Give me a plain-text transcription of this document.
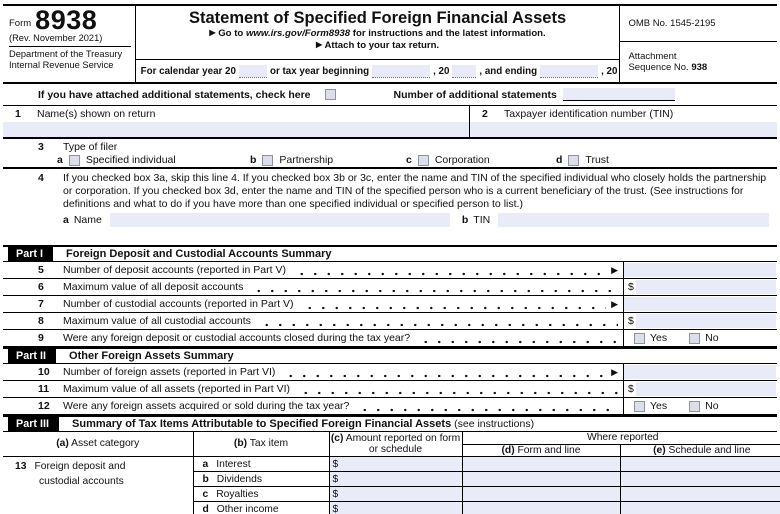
Form 8938
(Rev. November 2021)
Department of the Treasury
Internal Revenue Service
Statement of Specified Foreign Financial Assets
▶ Go to www.irs.gov/Form8938 for instructions and the latest information.
▶ Attach to your tax return.
For calendar year 20	or tax year beginning	, 20	, and ending	, 20
OMB No. 1545-2195
Attachment
Sequence No. 938
If you have attached additional statements, check here	Number of additional statements
1	Name(s) shown on return	2	Taxpayer identification number (TIN)
3	Type of filer
a Specified individual	b Partnership	c Corporation	d Trust
4	If you checked box 3a, skip this line 4. If you checked box 3b or 3c, enter the name and TIN of the specified individual who closely holds the partnership or corporation. If you checked box 3d, enter the name and TIN of the specified person who is a current beneficiary of the trust. (See instructions for definitions and what to do if you have more than one specified individual or specified person to list.)
a Name	b TIN
Part I	Foreign Deposit and Custodial Accounts Summary
5	Number of deposit accounts (reported in Part V)	▶
6	Maximum value of all deposit accounts	$
7	Number of custodial accounts (reported in Part V)	▶
8	Maximum value of all custodial accounts	$
9	Were any foreign deposit or custodial accounts closed during the tax year?	Yes	No
Part II	Other Foreign Assets Summary
10	Number of foreign assets (reported in Part VI)	▶
11	Maximum value of all assets (reported in Part VI)	$
12	Were any foreign assets acquired or sold during the tax year?	Yes	No
Part III	Summary of Tax Items Attributable to Specified Foreign Financial Assets (see instructions)
(a) Asset category	(b) Tax item	(c) Amount reported on form or schedule	Where reported	
			(d) Form and line	(e) Schedule and line

13 Foreign deposit and
custodial accounts	a Interest	$		
	b Dividends	$		
	c Royalties	$		
	d Other income	$		
